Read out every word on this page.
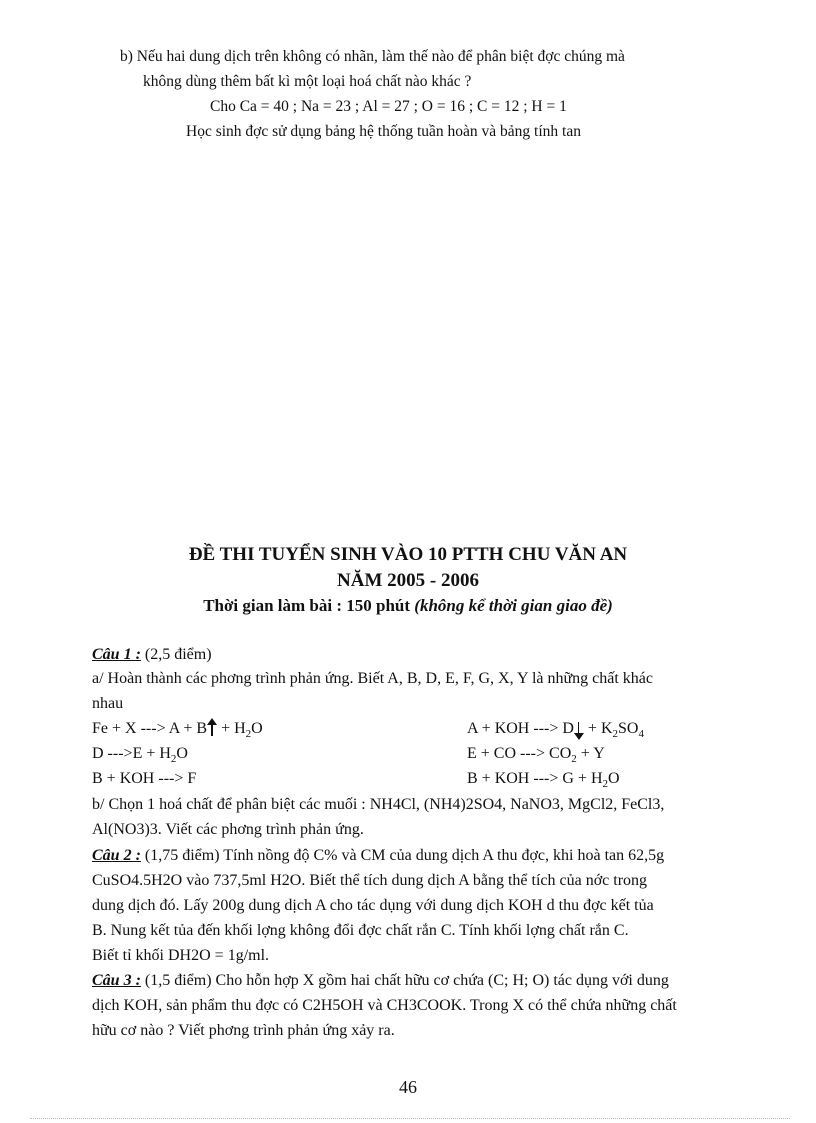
b) Nếu hai dung dịch trên không có nhãn, làm thế nào để phân biệt đợc chúng mà
không dùng thêm bất kì một loại hoá chất nào khác ?
Cho Ca = 40 ; Na = 23 ; Al = 27 ; O = 16 ; C = 12 ; H = 1
Học sinh đợc sử dụng bảng hệ thống tuần hoàn và bảng tính tan
ĐỀ THI TUYỂN SINH VÀO 10 PTTH CHU VĂN AN
NĂM 2005 - 2006
Thời gian làm bài : 150 phút (không kể thời gian giao đề)
Câu 1 : (2,5 điểm)
a/ Hoàn thành các phơng trình phản ứng. Biết A, B, D, E, F, G, X, Y là những chất khác
nhau
Fe + X ---> $A + B + H_2O$	A + KOH ---> $D + K_2SO_4$
D $--->E + H_2O$	E + CO ---> $CO_2 + Y$
B + KOH ---> F	B + KOH ---> $G + H_2O$
b/ Chọn 1 hoá chất để phân biệt các muối : NH4Cl, (NH4)2SO4, NaNO3, MgCl2, FeCl3,
Al(NO3)3. Viết các phơng trình phản ứng.
Câu 2 : (1,75 điểm) Tính nồng độ C% và CM của dung dịch A thu đợc, khi hoà tan 62,5g
CuSO4.5H2O vào 737,5ml H2O. Biết thể tích dung dịch A bằng thể tích của nớc trong
dung dịch đó. Lấy 200g dung dịch A cho tác dụng với dung dịch KOH d thu đợc kết tủa
B. Nung kết tủa đến khối lợng không đổi đợc chất rắn C. Tính khối lợng chất rắn C.
Biết tỉ khối DH2O = 1g/ml.
Câu 3 : (1,5 điểm) Cho hỗn hợp X gồm hai chất hữu cơ chứa (C; H; O) tác dụng với dung
dịch KOH, sản phẩm thu đợc có C2H5OH và CH3COOK. Trong X có thể chứa những chất
hữu cơ nào ? Viết phơng trình phản ứng xảy ra.
46
